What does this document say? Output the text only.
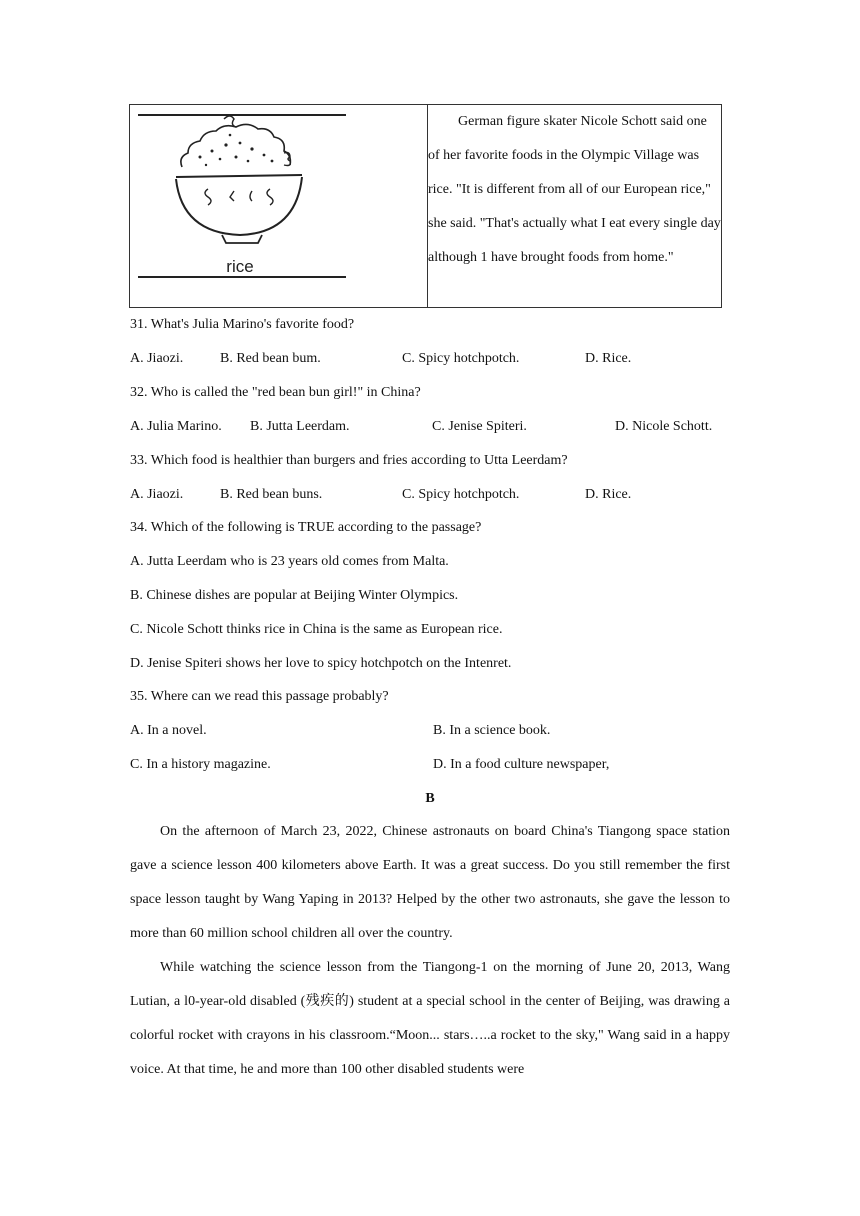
rice

German figure skater Nicole Schott said one of her favorite foods in the Olympic Village was rice. "It is different from all of our European rice," she said. "That's actually what I eat every single day although 1 have brought foods from home."

31. What's Julia Marino's favorite food?
A. Jiaozi.	B. Red bean bum.	C. Spicy hotchpotch.	D. Rice.
32. Who is called the "red bean bun girl!" in China?
A. Julia Marino. B. Jutta Leerdam.	C. Jenise Spiteri.	D. Nicole Schott.
33. Which food is healthier than burgers and fries according to Utta Leerdam?
A. Jiaozi.	B. Red bean buns.	C. Spicy hotchpotch.	D. Rice.
34. Which of the following is TRUE according to the passage?
A. Jutta Leerdam who is 23 years old comes from Malta.
B. Chinese dishes are popular at Beijing Winter Olympics.
C. Nicole Schott thinks rice in China is the same as European rice.
D. Jenise Spiteri shows her love to spicy hotchpotch on the Intenret.
35. Where can we read this passage probably?
A. In a novel.	B. In a science book.
C. In a history magazine.	D. In a food culture newspaper,
B

On the afternoon of March 23, 2022, Chinese astronauts on board China's Tiangong space station gave a science lesson 400 kilometers above Earth. It was a great success. Do you still remember the first space lesson taught by Wang Yaping in 2013? Helped by the other two astronauts, she gave the lesson to more than 60 million school children all over the country.

While watching the science lesson from the Tiangong-1 on the morning of June 20, 2013, Wang Lutian, a l0-year-old disabled (残疾的) student at a special school in the center of Beijing, was drawing a colorful rocket with crayons in his classroom.“Moon... stars…..a rocket to the sky," Wang said in a happy voice. At that time, he and more than 100 other disabled students were
